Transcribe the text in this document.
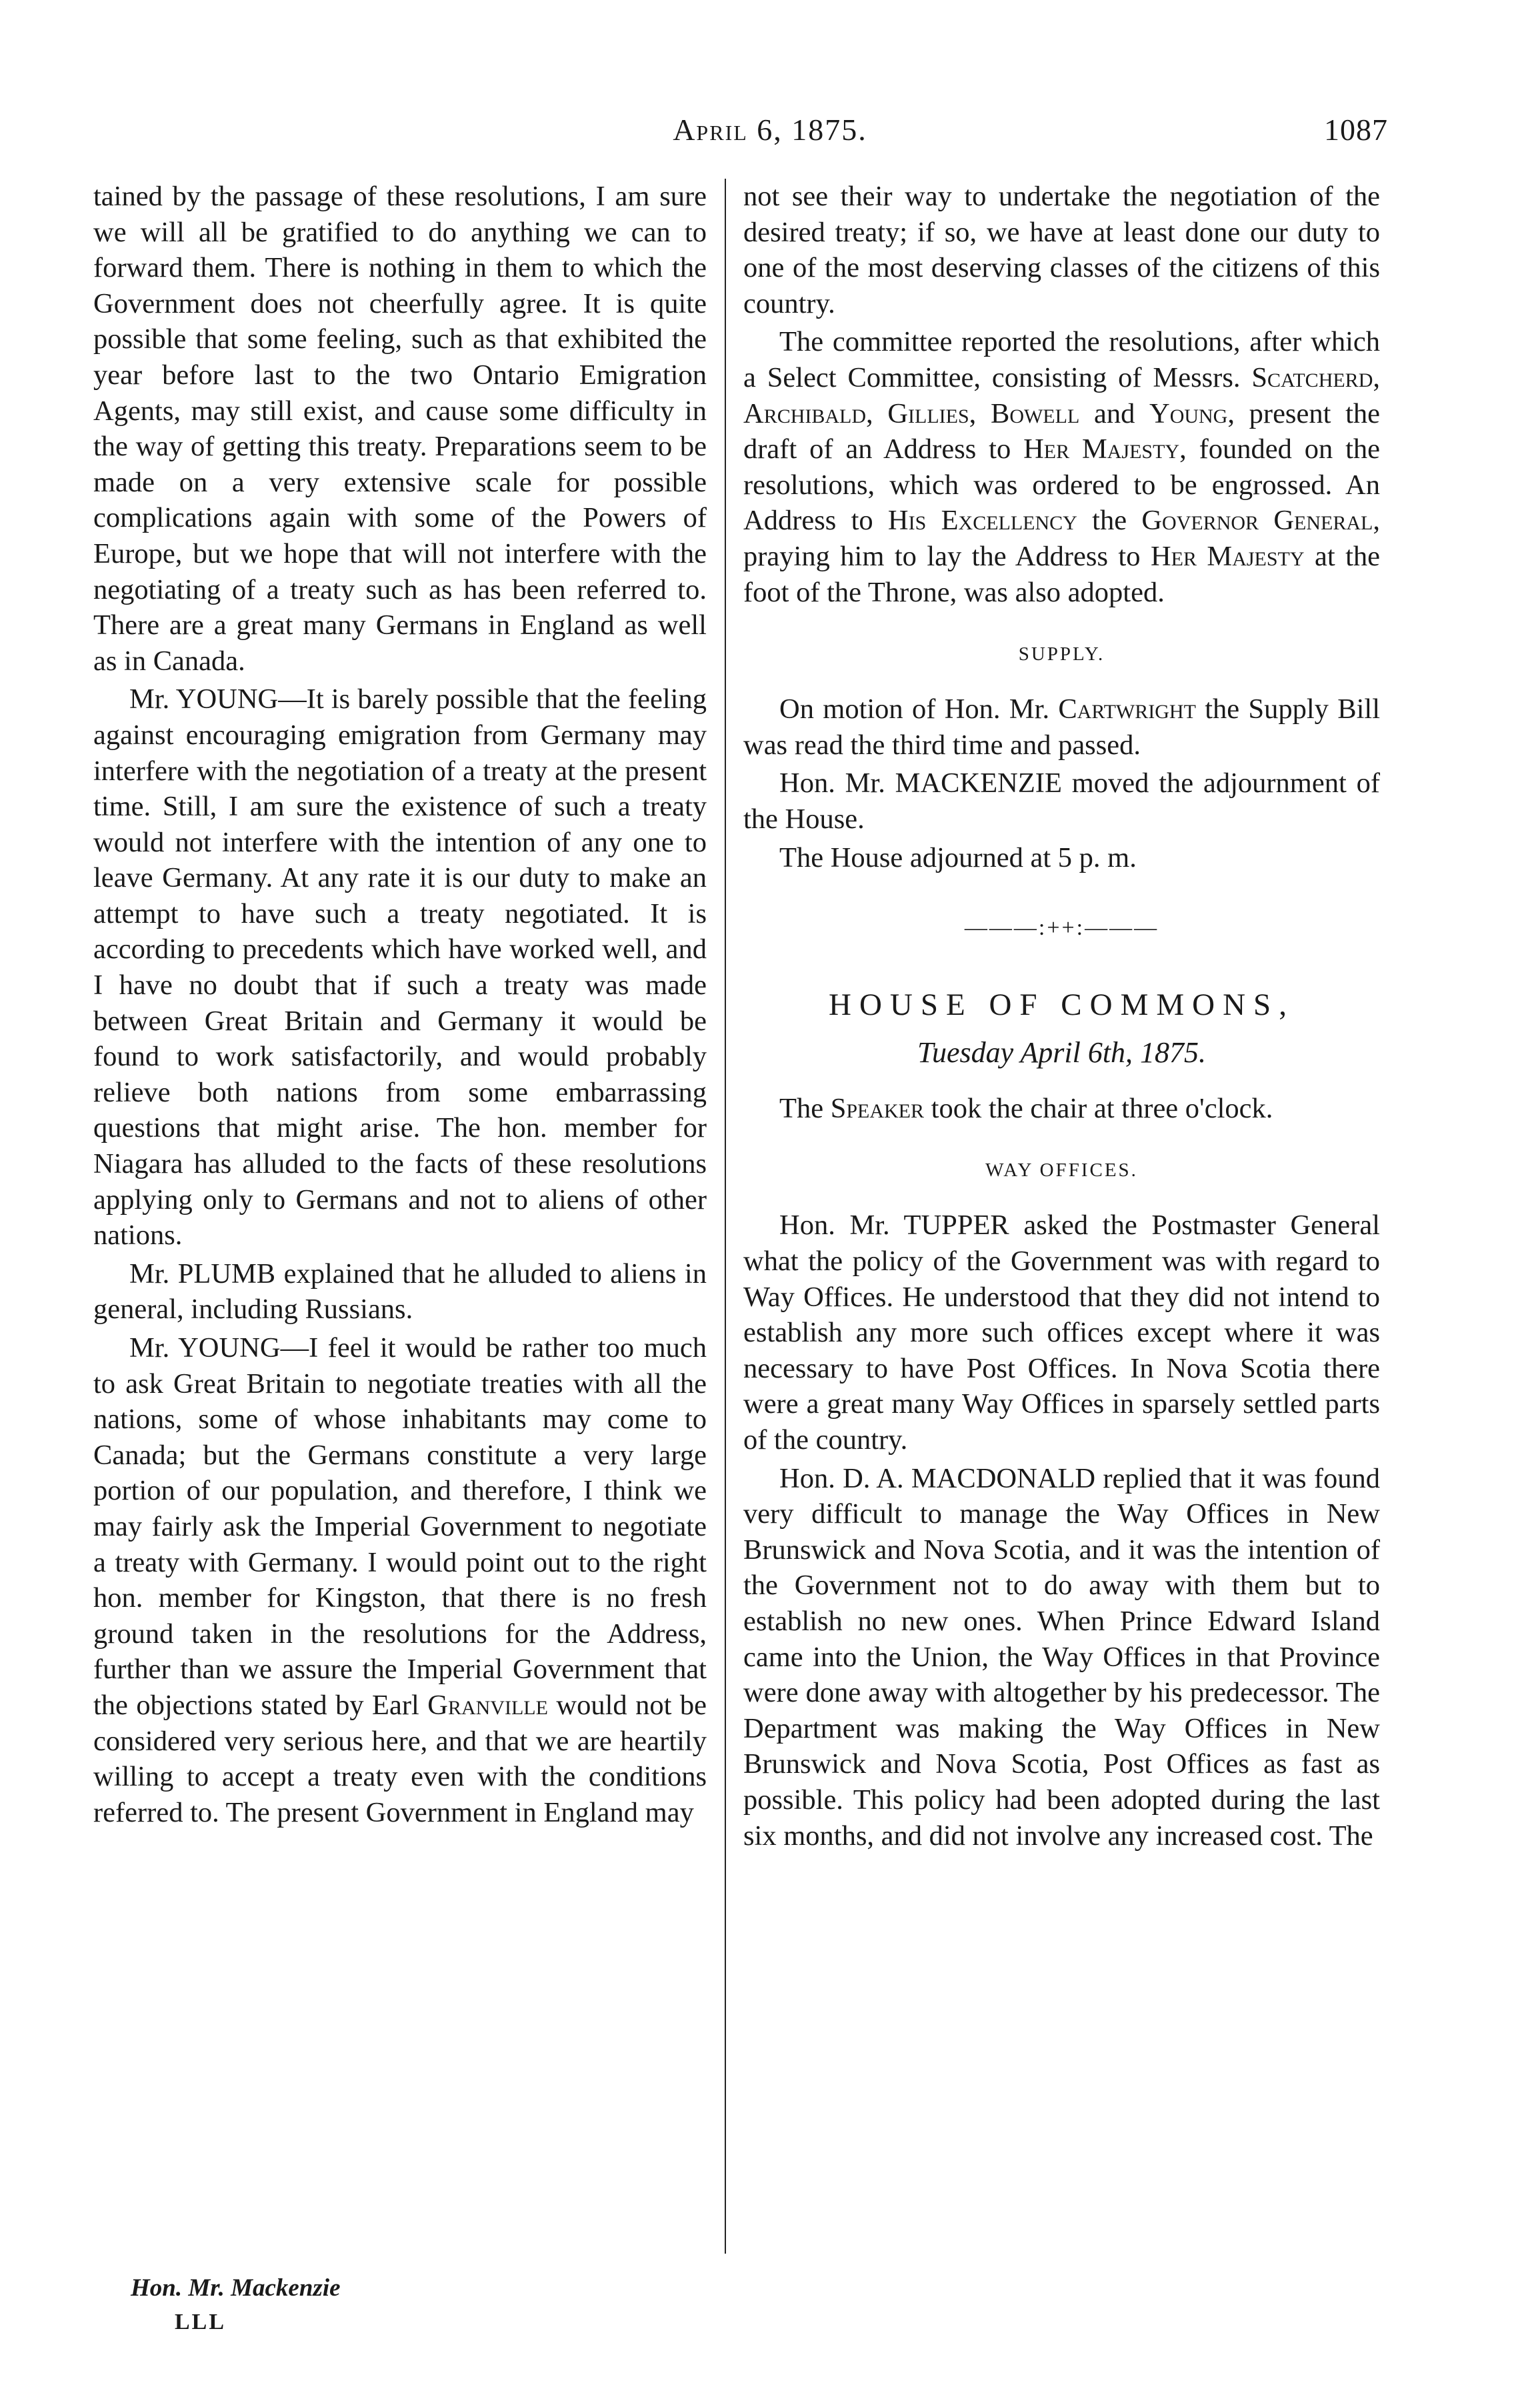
April 6, 1875.	1087

tained by the passage of these resolutions, I am sure we will all be gratified to do anything we can to forward them. There is nothing in them to which the Government does not cheerfully agree. It is quite possible that some feeling, such as that exhibited the year before last to the two Ontario Emigration Agents, may still exist, and cause some difficulty in the way of getting this treaty. Preparations seem to be made on a very extensive scale for possible complications again with some of the Powers of Europe, but we hope that will not interfere with the negotiating of a treaty such as has been referred to. There are a great many Germans in England as well as in Canada.

Mr. YOUNG—It is barely possible that the feeling against encouraging emigration from Germany may interfere with the negotiation of a treaty at the present time. Still, I am sure the existence of such a treaty would not interfere with the intention of any one to leave Germany. At any rate it is our duty to make an attempt to have such a treaty negotiated. It is according to precedents which have worked well, and I have no doubt that if such a treaty was made between Great Britain and Germany it would be found to work satisfactorily, and would probably relieve both nations from some embarrassing questions that might arise. The hon. member for Niagara has alluded to the facts of these resolutions applying only to Germans and not to aliens of other nations.

Mr. PLUMB explained that he alluded to aliens in general, including Russians.

Mr. YOUNG—I feel it would be rather too much to ask Great Britain to negotiate treaties with all the nations, some of whose inhabitants may come to Canada; but the Germans constitute a very large portion of our population, and therefore, I think we may fairly ask the Imperial Government to negotiate a treaty with Germany. I would point out to the right hon. member for Kingston, that there is no fresh ground taken in the resolutions for the Address, further than we assure the Imperial Government that the objections stated by Earl Granville would not be considered very serious here, and that we are heartily willing to accept a treaty even with the conditions referred to. The present Government in England may

not see their way to undertake the negotiation of the desired treaty; if so, we have at least done our duty to one of the most deserving classes of the citizens of this country.

The committee reported the resolutions, after which a Select Committee, consisting of Messrs. Scatcherd, Archibald, Gillies, Bowell and Young, present the draft of an Address to Her Majesty, founded on the resolutions, which was ordered to be engrossed. An Address to His Excellency the Governor General, praying him to lay the Address to Her Majesty at the foot of the Throne, was also adopted.

SUPPLY.

On motion of Hon. Mr. Cartwright the Supply Bill was read the third time and passed.

Hon. Mr. MACKENZIE moved the adjournment of the House.

The House adjourned at 5 p. m.

———:++:———

HOUSE OF COMMONS,

Tuesday April 6th, 1875.

The Speaker took the chair at three o'clock.

WAY OFFICES.

Hon. Mr. TUPPER asked the Postmaster General what the policy of the Government was with regard to Way Offices. He understood that they did not intend to establish any more such offices except where it was necessary to have Post Offices. In Nova Scotia there were a great many Way Offices in sparsely settled parts of the country.

Hon. D. A. MACDONALD replied that it was found very difficult to manage the Way Offices in New Brunswick and Nova Scotia, and it was the intention of the Government not to do away with them but to establish no new ones. When Prince Edward Island came into the Union, the Way Offices in that Province were done away with altogether by his predecessor. The Department was making the Way Offices in New Brunswick and Nova Scotia, Post Offices as fast as possible. This policy had been adopted during the last six months, and did not involve any increased cost. The

Hon. Mr. Mackenzie
LLL
